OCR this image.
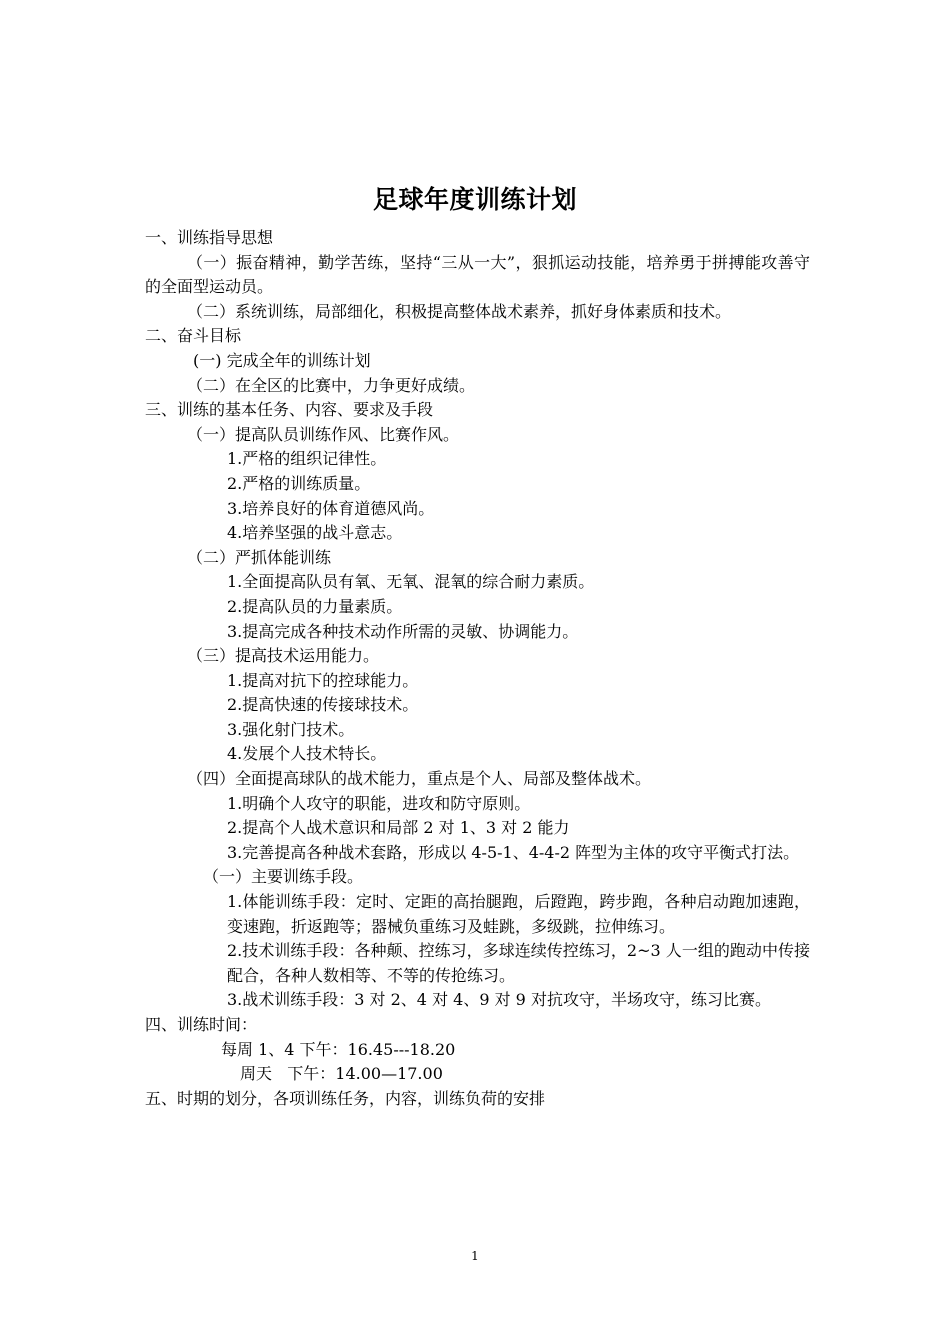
足球年度训练计划
一、训练指导思想
（一）振奋精神，勤学苦练，坚持“三从一大”，狠抓运动技能，培养勇于拼搏能攻善守的全面型运动员。
（二）系统训练，局部细化，积极提高整体战术素养，抓好身体素质和技术。
二、奋斗目标
(一) 完成全年的训练计划
（二）在全区的比赛中，力争更好成绩。
三、训练的基本任务、内容、要求及手段
（一）提高队员训练作风、比赛作风。
1.严格的组织记律性。
2.严格的训练质量。
3.培养良好的体育道德风尚。
4.培养坚强的战斗意志。
（二）严抓体能训练
1.全面提高队员有氧、无氧、混氧的综合耐力素质。
2.提高队员的力量素质。
3.提高完成各种技术动作所需的灵敏、协调能力。
（三）提高技术运用能力。
1.提高对抗下的控球能力。
2.提高快速的传接球技术。
3.强化射门技术。
4.发展个人技术特长。
（四）全面提高球队的战术能力，重点是个人、局部及整体战术。
1.明确个人攻守的职能，进攻和防守原则。
2.提高个人战术意识和局部 2 对 1、3 对 2 能力
3.完善提高各种战术套路，形成以 4-5-1、4-4-2 阵型为主体的攻守平衡式打法。
（一）主要训练手段。
1.体能训练手段：定时、定距的高抬腿跑，后蹬跑，跨步跑，各种启动跑加速跑，变速跑，折返跑等；器械负重练习及蛙跳，多级跳，拉伸练习。
2.技术训练手段：各种颠、控练习，多球连续传控练习，2~3 人一组的跑动中传接配合，各种人数相等、不等的传抢练习。
3.战术训练手段：3 对 2、4 对 4、9 对 9 对抗攻守，半场攻守，练习比赛。
四、训练时间：
每周 1、4 下午：16.45---18.20
周天   下午：14.00—17.00
五、时期的划分，各项训练任务，内容，训练负荷的安排
1
